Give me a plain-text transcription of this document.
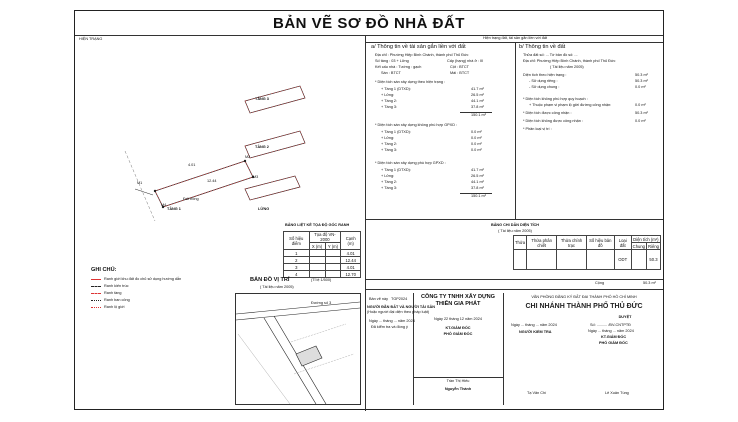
BẢN VẼ SƠ ĐỒ NHÀ ĐẤT
HIỆN TRẠNG
TẦNG 3
TẦNG 2
TẦNG 1	LỬNG
Đất trống
M1
M2
M3
M4
4.01
12.44
BẢNG LIỆT KÊ TỌA ĐỘ GÓC RANH
Số hiệu điểm	Tọa độ VN-2000		Cạnh (m)
	X (m)	Y (m)	
1			4.01
2			12.44
3			4.01
4			12.70
GHI CHÚ:
Ranh giới khu đất đo chủ sử dụng hướng dẫn
Ranh kiến trúc
Ranh tầng
Ranh ban công
Ranh lộ giới
BẢN ĐỒ VỊ TRÍ	(Tỉ lệ 1/500)
( Tài liệu năm 2005)
Đường số 3
Hiện trạng đất, tài sản gắn liền với đất
a/ Thông tin về tài sản gắn liền với đất
Địa chỉ : Phường Hiệp Bình Chánh, thành phố Thủ Đức
Số tầng : 03 + Lửng	Cấp (hạng) nhà ở : III
Kết cấu nhà : Tường : gạch	Cột : BTCT
Sàn : BTCT	Mái : BTCT
* Diện tích sàn xây dựng theo hiện trạng :
+ Tầng 1 (DTXD):	41.7 m²
+ Lửng:	26.5 m²
+ Tầng 2:	44.1 m²
+ Tầng 3:	37.8 m²
150.1 m²
* Diện tích sàn xây dựng không phù hợp GPXD :
+ Tầng 1 (DTXD):	0.0 m²
+ Lửng:	0.0 m²
+ Tầng 2:	0.0 m²
+ Tầng 3:	0.0 m²
* Diện tích sàn xây dựng phù hợp GPXD :
+ Tầng 1 (DTXD):	41.7 m²
+ Lửng:	26.5 m²
+ Tầng 2:	44.1 m²
+ Tầng 3:	37.8 m²
150.1 m²
b/ Thông tin về đất
Thửa đất số: ... Tờ bản đồ số: ...
Địa chỉ: Phường Hiệp Bình Chánh, thành phố Thủ Đức
( Tài liệu năm 2005)
Diện tích theo hiện trạng :	50.3 m²
- Sử dụng riêng :	50.3 m²
- Sử dụng chung :	0.0 m²
* Diện tích không phù hợp quy hoạch :
+ Thuộc phạm vi phạm lộ giới đường công nhận:	0.0 m²
* Diện tích được công nhận :	50.3 m²
* Diện tích không được công nhận :	0.0 m²
* Phân loại vị trí :
BẢNG CHI DẪN DIỆN TÍCH
( Tài liệu năm 2005)
Thửa	Thửa phân chiết	Thửa chính trạc	Số hiệu bản đồ	Loại đất	Diện tích (m²)	
					Chung	Riêng
				ODT		50.3
Cộng	50.3 m²
Bản vẽ này TGP2024
NGƯỜI ĐÃN ĐẤT VÀ NGƯỜI TÀI SẢN
(Hoặc người đại diện theo pháp luật)
Ngày ... tháng ... năm 2024
Đã kiểm tra và đồng ý
CÔNG TY TNHH XÂY DỰNG THIÊN GIA PHÁT
Ngày 22 tháng 12 năm 2024
KT.GIÁM ĐỐC
PHÓ GIÁM ĐỐC
Trần Thị Hiếu
Nguyễn Thành
VĂN PHÒNG ĐĂNG KÝ ĐẤT ĐAI THÀNH PHỐ HỒ CHÍ MINH
CHI NHÁNH THÀNH PHỐ THỦ ĐỨC
DUYỆT
Ngày ... tháng ... năm 2024
NGƯỜI KIỂM TRA
Số: .......... /BV-CNTPTĐ
Ngày ... tháng ... năm 2024
KT.GIÁM ĐỐC
PHÓ GIÁM ĐỐC
Tạ Văn Chí	Lê Xuân Tùng
